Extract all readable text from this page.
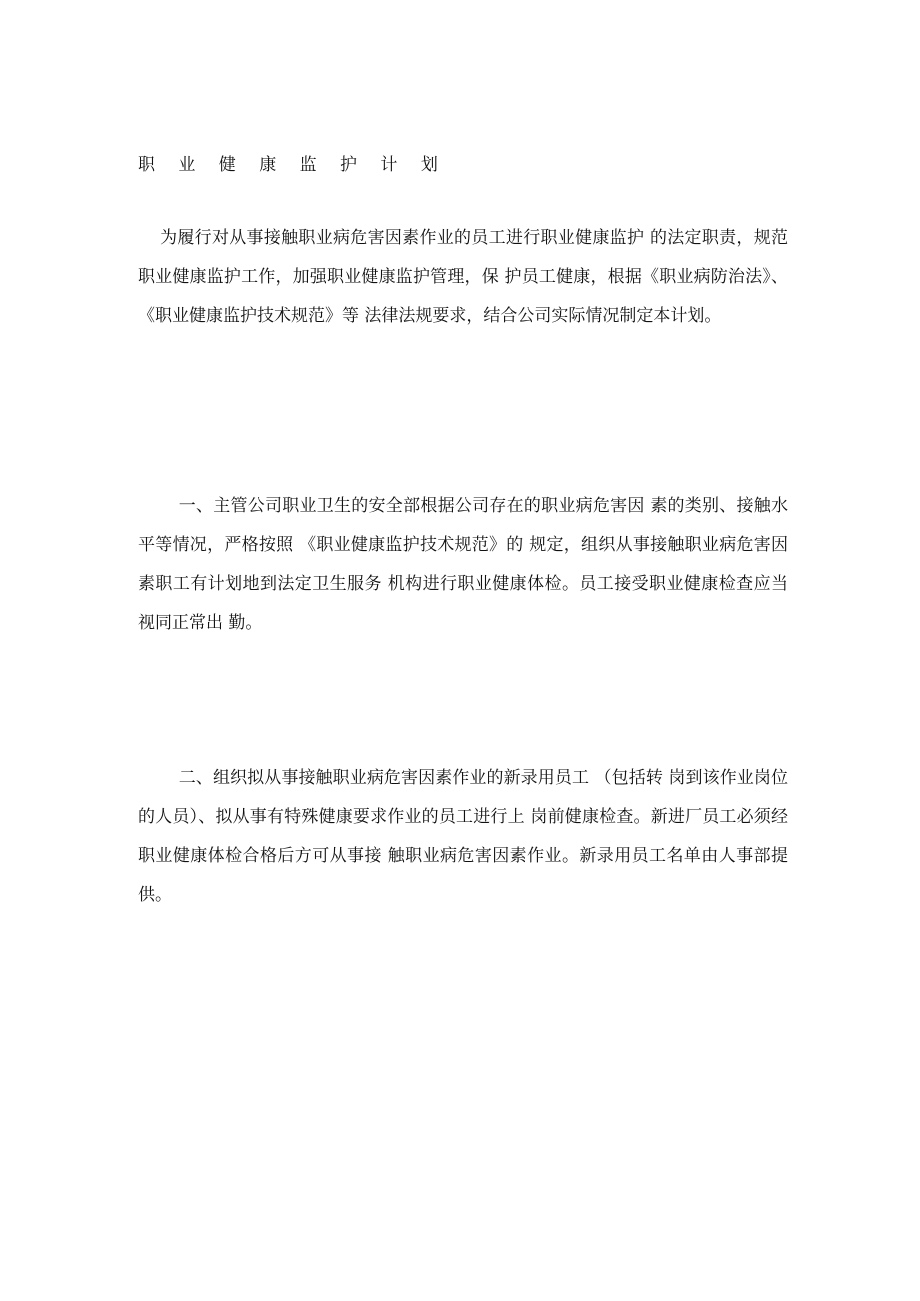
职 业 健 康 监 护 计 划

为履行对从事接触职业病危害因素作业的员工进行职业健康监护 的法定职责，规范职业健康监护工作，加强职业健康监护管理，保 护员工健康，根据《职业病防治法》、《职业健康监护技术规范》等 法律法规要求，结合公司实际情况制定本计划。

一、主管公司职业卫生的安全部根据公司存在的职业病危害因 素的类别、接触水平等情况，严格按照 《职业健康监护技术规范》的 规定，组织从事接触职业病危害因素职工有计划地到法定卫生服务 机构进行职业健康体检。员工接受职业健康检查应当视同正常出 勤。

二、组织拟从事接触职业病危害因素作业的新录用员工 （包括转 岗到该作业岗位的人员）、拟从事有特殊健康要求作业的员工进行上 岗前健康检查。新进厂员工必须经职业健康体检合格后方可从事接 触职业病危害因素作业。新录用员工名单由人事部提供。
